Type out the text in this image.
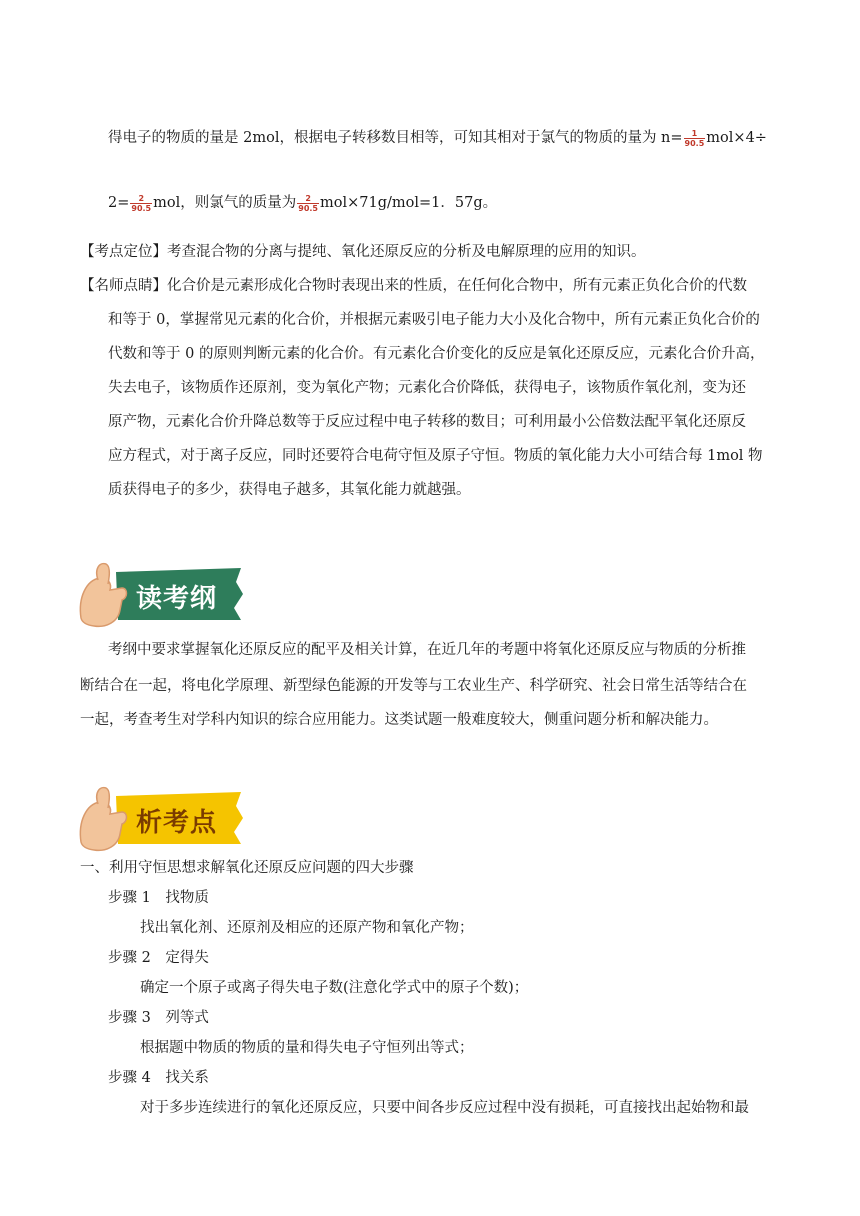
得电子的物质的量是 2mol，根据电子转移数目相等，可知其相对于氯气的物质的量为 $n= \frac{1}{90.5} mol\times 4\div$
$2= \frac{2}{90.5}$ mol，则氯气的质量为 $\frac{2}{90.5} mol\times 71g/mol=1$．57g。
【考点定位】考查混合物的分离与提纯、氧化还原反应的分析及电解原理的应用的知识。
【名师点睛】化合价是元素形成化合物时表现出来的性质，在任何化合物中，所有元素正负化合价的代数
和等于 0，掌握常见元素的化合价，并根据元素吸引电子能力大小及化合物中，所有元素正负化合价的
代数和等于 0 的原则判断元素的化合价。有元素化合价变化的反应是氧化还原反应，元素化合价升高，
失去电子，该物质作还原剂，变为氧化产物；元素化合价降低，获得电子，该物质作氧化剂，变为还
原产物，元素化合价升降总数等于反应过程中电子转移的数目；可利用最小公倍数法配平氧化还原反
应方程式，对于离子反应，同时还要符合电荷守恒及原子守恒。物质的氧化能力大小可结合每 1mol 物
质获得电子的多少，获得电子越多，其氧化能力就越强。
读考纲
考纲中要求掌握氧化还原反应的配平及相关计算，在近几年的考题中将氧化还原反应与物质的分析推
断结合在一起，将电化学原理、新型绿色能源的开发等与工农业生产、科学研究、社会日常生活等结合在
一起，考查考生对学科内知识的综合应用能力。这类试题一般难度较大，侧重问题分析和解决能力。
析考点
一、利用守恒思想求解氧化还原反应问题的四大步骤
步骤 1　找物质
找出氧化剂、还原剂及相应的还原产物和氧化产物；
步骤 2　定得失
确定一个原子或离子得失电子数(注意化学式中的原子个数)；
步骤 3　列等式
根据题中物质的物质的量和得失电子守恒列出等式；
步骤 4　找关系
对于多步连续进行的氧化还原反应，只要中间各步反应过程中没有损耗，可直接找出起始物和最
